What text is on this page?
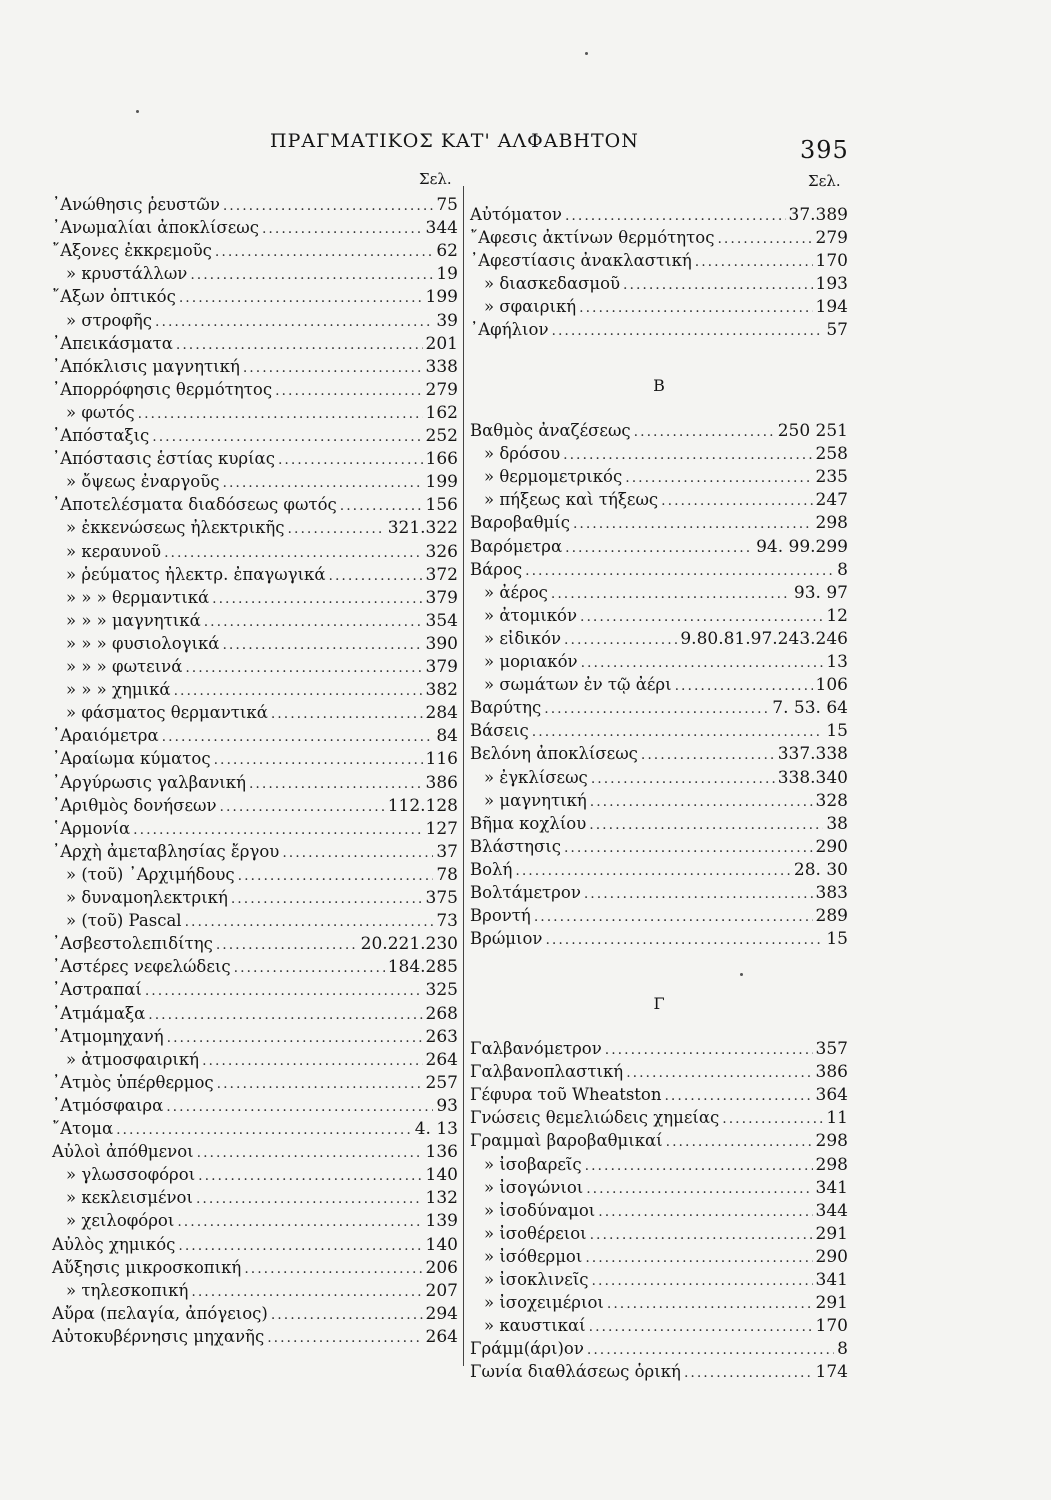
ΠΡΑΓΜΑΤΙΚΟΣ ΚΑΤ' ΑΛΦΑΒΗΤΟΝ	395
Σελ.	Σελ.
᾿Ανώθησις ῥευστῶν .....	75
᾿Ανωμαλίαι ἀποκλίσεως .....	344
῎Αξονες ἐκκρεμοῦς .....	62
» κρυστάλλων .....	19
῎Αξων ὀπτικός .....	199
» στροφῆς .....	39
᾿Απεικάσματα .....	201
᾿Απόκλισις μαγνητική .....	338
᾿Απορρόφησις θερμότητος .....	279
» φωτός .....	162
᾿Απόσταξις .....	252
᾿Απόστασις ἑστίας κυρίας .....	166
» ὄψεως ἐναργοῦς .....	199
᾿Αποτελέσματα διαδόσεως φωτός .....	156
» ἐκκενώσεως ἠλεκτρικῆς .....	321.322
» κεραυνοῦ .....	326
» ῥεύματος ἠλεκτρ. ἐπαγωγικά .....	372
» » » θερμαντικά .....	379
» » » μαγνητικά .....	354
» » » φυσιολογικά .....	390
» » » φωτεινά .....	379
» » » χημικά .....	382
» φάσματος θερμαντικά .....	284
᾿Αραιόμετρα .....	84
᾿Αραίωμα κύματος .....	116
᾿Αργύρωσις γαλβανική .....	386
᾿Αριθμὸς δονήσεων .....	112.128
῾Αρμονία .....	127
᾿Αρχὴ ἀμεταβλησίας ἔργου .....	37
» (τοῦ) ᾿Αρχιμήδους .....	78
» δυναμοηλεκτρική .....	375
» (τοῦ) Pascal .....	73
᾿Ασβεστολεπιδίτης .....	20.221.230
᾿Αστέρες νεφελώδεις .....	184.285
᾿Αστραπαί .....	325
᾿Ατμάμαξα .....	268
᾿Ατμομηχανή .....	263
» ἀτμοσφαιρική .....	264
᾿Ατμὸς ὑπέρθερμος .....	257
᾿Ατμόσφαιρα .....	93
῎Ατομα .....	4. 13
Αὐλοὶ ἀπόθμενοι .....	136
» γλωσσοφόροι .....	140
» κεκλεισμένοι .....	132
» χειλοφόροι .....	139
Αὐλὸς χημικός .....	140
Αὔξησις μικροσκοπική .....	206
» τηλεσκοπική .....	207
Αὔρα (πελαγία, ἀπόγειος) .....	294
Αὐτοκυβέρνησις μηχανῆς .....	264
Αὐτόματον .....	37.389
῎Αφεσις ἀκτίνων θερμότητος .....	279
᾿Αφεστίασις ἀνακλαστική .....	170
» διασκεδασμοῦ .....	193
» σφαιρική .....	194
᾿Αφήλιον .....	57
Β
Βαθμὸς ἀναζέσεως .....	250 251
» δρόσου .....	258
» θερμομετρικός .....	235
» πήξεως καὶ τήξεως .....	247
Βαροβαθμίς .....	298
Βαρόμετρα .....	94. 99.299
Βάρος .....	8
» ἀέρος .....	93. 97
» ἀτομικόν .....	12
» εἰδικόν .....	9.80.81.97.243.246
» μοριακόν .....	13
» σωμάτων ἐν τῷ ἀέρι .....	106
Βαρύτης .....	7. 53. 64
Βάσεις .....	15
Βελόνη ἀποκλίσεως .....	337.338
» ἐγκλίσεως .....	338.340
» μαγνητική .....	328
Βῆμα κοχλίου .....	38
Βλάστησις .....	290
Βολή .....	28. 30
Βολτάμετρον .....	383
Βροντή .....	289
Βρώμιον .....	15
Γ
Γαλβανόμετρον .....	357
Γαλβανοπλαστική .....	386
Γέφυρα τοῦ Wheatston .....	364
Γνώσεις θεμελιώδεις χημείας .....	11
Γραμμαὶ βαροβαθμικαί .....	298
» ἰσοβαρεῖς .....	298
» ἰσογώνιοι .....	341
» ἰσοδύναμοι .....	344
» ἰσοθέρειοι .....	291
» ἰσόθερμοι .....	290
» ἰσοκλινεῖς .....	341
» ἰσοχειμέριοι .....	291
» καυστικαί .....	170
Γράμμ(άρι)ον .....	8
Γωνία διαθλάσεως ὁρική .....	174
